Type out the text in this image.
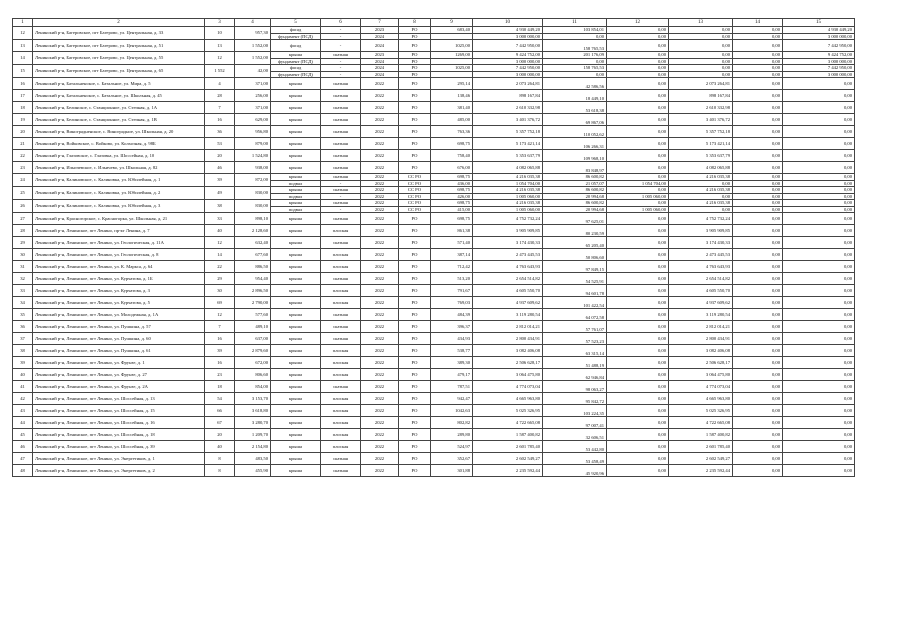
1	2	3	4	5	6	7	8	9	10	11	12	13	14	15
12	Ленинский р-н, Багеровское, пгт Багерово, ул. Центральная, д. 33	10	957,30	фасад	-	2023	РО	683,40	4 930 449,20	103 854,01	0,00	0,00	0,00	4 930 449,20
				фундамент (ПСД)	-	2024	РО		3 000 000,00	0,00	0,00	0,00	0,00	3 000 000,00
13	Ленинский р-н, Багеровское, пгт Багерово, ул. Центральная, д. 51	13	1 552,00	фасад	-	2024	РО	1025,00	7 442 950,00	158 765,53	0,00	0,00	0,00	7 442 950,00
14	Ленинский р-н, Багеровское, пгт Багерово, ул. Центральная, д. 55	12	1 552,00	крыша	скатная	2023	РО	1269,00	9 424 752,00	201 176,09	0,00	0,00	0,00	9 424 752,00
				фундамент (ПСД)	-	2024	РО		3 000 000,00	0,00	0,00	0,00	0,00	3 000 000,00
15	Ленинский р-н, Багеровское, пгт Багерово, ул. Центральная, д. 65	1 552	42,00	фасад	-	2024	РО	1025,00	7 442 950,00	158 765,53	0,00	0,00	0,00	7 442 950,00
				фундамент (ПСД)	-	2024	РО		3 000 000,00	0,00	0,00	0,00	0,00	3 000 000,00
16	Ленинский р-н, Батальненское, с. Батальное, ул. Мира, д. 5	4	371,00	крыша	скатная	2022	РО	295,14	2 073 264,81	42 586,56	0,00	2 073 264,81	0,00	0,00
17	Ленинский р-н, Батальненское, с. Батальное, ул. Школьная, д. 45	28	256,00	крыша	скатная	2022	РО	138,46	898 167,84	18 449,10	0,00	898 167,84	0,00	0,00
18	Ленинский р-н, Белинское, с. Станционное, ул. Степная, д. 1А	7	371,00	крыша	скатная	2022	РО	381,40	2 610 332,98	53 618,38	0,00	2 610 332,98	0,00	0,00
19	Ленинский р-н, Белинское, с. Станционное, ул. Степная, д. 1В	16	629,00	крыша	скатная	2022	РО	485,00	3 401 376,72	69 867,06	0,00	3 401 376,72	0,00	0,00
20	Ленинский р-н, Виноградненское, с. Виноградное, ул. Школьная, д. 20	36	956,80	крыша	скатная	2022	РО	763,36	5 357 752,18	110 052,62	0,00	5 357 752,18	0,00	0,00
21	Ленинский р-н, Войковское, с. Войково, ул. Колхозная, д. 98Б	53	879,00	крыша	скатная	2022	РО	698,75	5 173 421,14	106 266,31	0,00	5 173 421,14	0,00	0,00
22	Ленинский р-н, Глазовское, с. Глазовка, ул. Шоссейная, д. 10	20	1 524,80	крыша	скатная	2022	РО	758,40	5 353 637,79	109 968,10	0,00	5 353 637,79	0,00	0,00
23	Ленинский р-н, Ильичевское, с. Ильичево, ул. Школьная, д. 82	46	938,00	крыша	скатная	2022	РО	676,00	4 082 065,88	83 848,97	0,00	4 082 065,88	0,00	0,00
24	Ленинский р-н, Калиновское, с. Калиновка, ул. Юбилейная, д. 1	39	872,00	крыша	скатная	2022	СС РО	698,75	4 216 035,38	86 600,82	0,00	4 216 035,38	0,00	0,00
				подвал	-	2022	СС РО	436,00	1 054 704,00	21 057,07	1 054 704,00	0,00	0,00	0,00
25	Ленинский р-н, Калиновское, с. Калиновка, ул. Юбилейная, д. 2	49	830,00	крыша	скатная	2022	СС РО	698,75	4 216 035,38	86 600,82	0,00	4 216 035,38	0,00	0,00
				подвал	-	2022	СС РО	426,00	1 005 060,00	20 994,68	1 005 060,00	0,00	0,00	0,00
26	Ленинский р-н, Калиновское, с. Калиновка, ул. Юбилейная, д. 3	38	830,00	крыша	скатная	2022	СС РО	698,75	4 216 035,38	86 600,82	0,00	4 216 035,38	0,00	0,00
				подвал	-	2022	СС РО	415,00	1 005 060,00	20 994,68	1 005 060,00	0,00	0,00	0,00
27	Ленинский р-н, Красногорское, с. Красногорка, ул. Школьная, д. 21	33	898,10	крыша	скатная	2022	РО	698,75	4 752 732,24	97 625,01	0,00	4 752 732,24	0,00	0,00
28	Ленинский р-н, Ленинское, пгт Ленино, пр-кт Ленина, д. 7	40	2 128,60	крыша	плоская	2022	РО	861,38	3 905 909,85	80 230,59	0,00	3 905 909,85	0,00	0,00
29	Ленинский р-н, Ленинское, пгт Ленино, ул. Геологическая, д. 11А	12	632,40	крыша	скатная	2022	РО	571,40	3 174 430,33	65 205,40	0,00	3 174 430,33	0,00	0,00
30	Ленинский р-н, Ленинское, пгт Ленино, ул. Геологическая, д. 8	14	677,60	крыша	плоская	2022	РО	387,14	2 473 445,53	50 806,60	0,00	2 473 445,53	0,00	0,00
31	Ленинский р-н, Ленинское, пгт Ленино, ул. К. Маркса, д. 64	22	886,50	крыша	плоская	2022	РО	712,42	4 763 643,93	97 849,15	0,00	4 763 643,93	0,00	0,00
32	Ленинский р-н, Ленинское, пгт Ленино, ул. Курчатова, д. 1Б	29	954,40	крыша	скатная	2022	РО	513,20	2 654 514,82	54 525,91	0,00	2 654 514,82	0,00	0,00
33	Ленинский р-н, Ленинское, пгт Ленино, ул. Курчатова, д. 3	30	2 896,50	крыша	плоская	2022	РО	791,67	4 605 550,70	94 601,78	0,00	4 605 550,70	0,00	0,00
34	Ленинский р-н, Ленинское, пгт Ленино, ул. Курчатова, д. 5	69	2 790,00	крыша	плоская	2022	РО	769,03	4 937 609,62	101 422,54	0,00	4 937 609,62	0,00	0,00
35	Ленинский р-н, Ленинское, пгт Ленино, ул. Молодежная, д. 1А	12	577,60	крыша	скатная	2022	РО	484,39	3 119 280,54	64 072,58	0,00	3 119 280,54	0,00	0,00
36	Ленинский р-н, Ленинское, пгт Ленино, ул. Пушкина, д. 57	7	489,10	крыша	скатная	2022	РО	396,37	2 812 014,21	57 761,07	0,00	2 812 014,21	0,00	0,00
37	Ленинский р-н, Ленинское, пгт Ленино, ул. Пушкина, д. 60	16	637,00	крыша	скатная	2022	РО	434,93	2 800 434,91	57 523,23	0,00	2 800 434,91	0,00	0,00
38	Ленинский р-н, Ленинское, пгт Ленино, ул. Пушкина, д. 61	39	2 879,60	крыша	плоская	2022	РО	538,77	3 082 406,08	63 315,14	0,00	3 082 406,08	0,00	0,00
39	Ленинский р-н, Ленинское, пгт Ленино, ул. Фрунзе, д. 1	16	672,00	крыша	плоская	2022	РО	389,30	2 506 628,17	51 488,19	0,00	2 506 628,17	0,00	0,00
40	Ленинский р-н, Ленинское, пгт Ленино, ул. Фрунзе, д. 27	23	806,60	крыша	плоская	2022	РО	479,17	3 064 475,80	62 946,84	0,00	3 064 475,80	0,00	0,00
41	Ленинский р-н, Ленинское, пгт Ленино, ул. Фрунзе, д. 2А	18	854,00	крыша	скатная	2022	РО	787,51	4 774 073,04	98 063,27	0,00	4 774 073,04	0,00	0,00
42	Ленинский р-н, Ленинское, пгт Ленино, ул. Шоссейная, д. 13	54	3 153,70	крыша	плоская	2022	РО	942,47	4 665 963,80	95 842,72	0,00	4 665 963,80	0,00	0,00
43	Ленинский р-н, Ленинское, пгт Ленино, ул. Шоссейная, д. 15	66	3 618,80	крыша	плоская	2022	РО	1042,63	5 025 326,95	103 224,35	0,00	5 025 326,95	0,00	0,00
44	Ленинский р-н, Ленинское, пгт Ленино, ул. Шоссейная, д. 16	67	3 280,70	крыша	плоская	2022	РО	802,82	4 722 665,08	97 007,41	0,00	4 722 665,08	0,00	0,00
45	Ленинский р-н, Ленинское, пгт Ленино, ул. Шоссейная, д. 18	20	1 209,70	крыша	плоская	2022	РО	289,80	1 587 400,82	32 606,51	0,00	1 587 400,82	0,00	0,00
46	Ленинский р-н, Ленинское, пгт Ленино, ул. Шоссейная, д. 39	40	2 154,80	крыша	плоская	2022	РО	524,97	2 601 785,40	53 442,80	0,00	2 601 785,40	0,00	0,00
47	Ленинский р-н, Ленинское, пгт Ленино, ул. Энергетиков, д. 1	8	483,50	крыша	скатная	2022	РО	352,67	2 602 549,27	53 458,49	0,00	2 602 549,27	0,00	0,00
48	Ленинский р-н, Ленинское, пгт Ленино, ул. Энергетиков, д. 2	8	455,90	крыша	скатная	2022	РО	301,88	2 235 592,44	45 920,96	0,00	2 235 592,44	0,00	0,00
